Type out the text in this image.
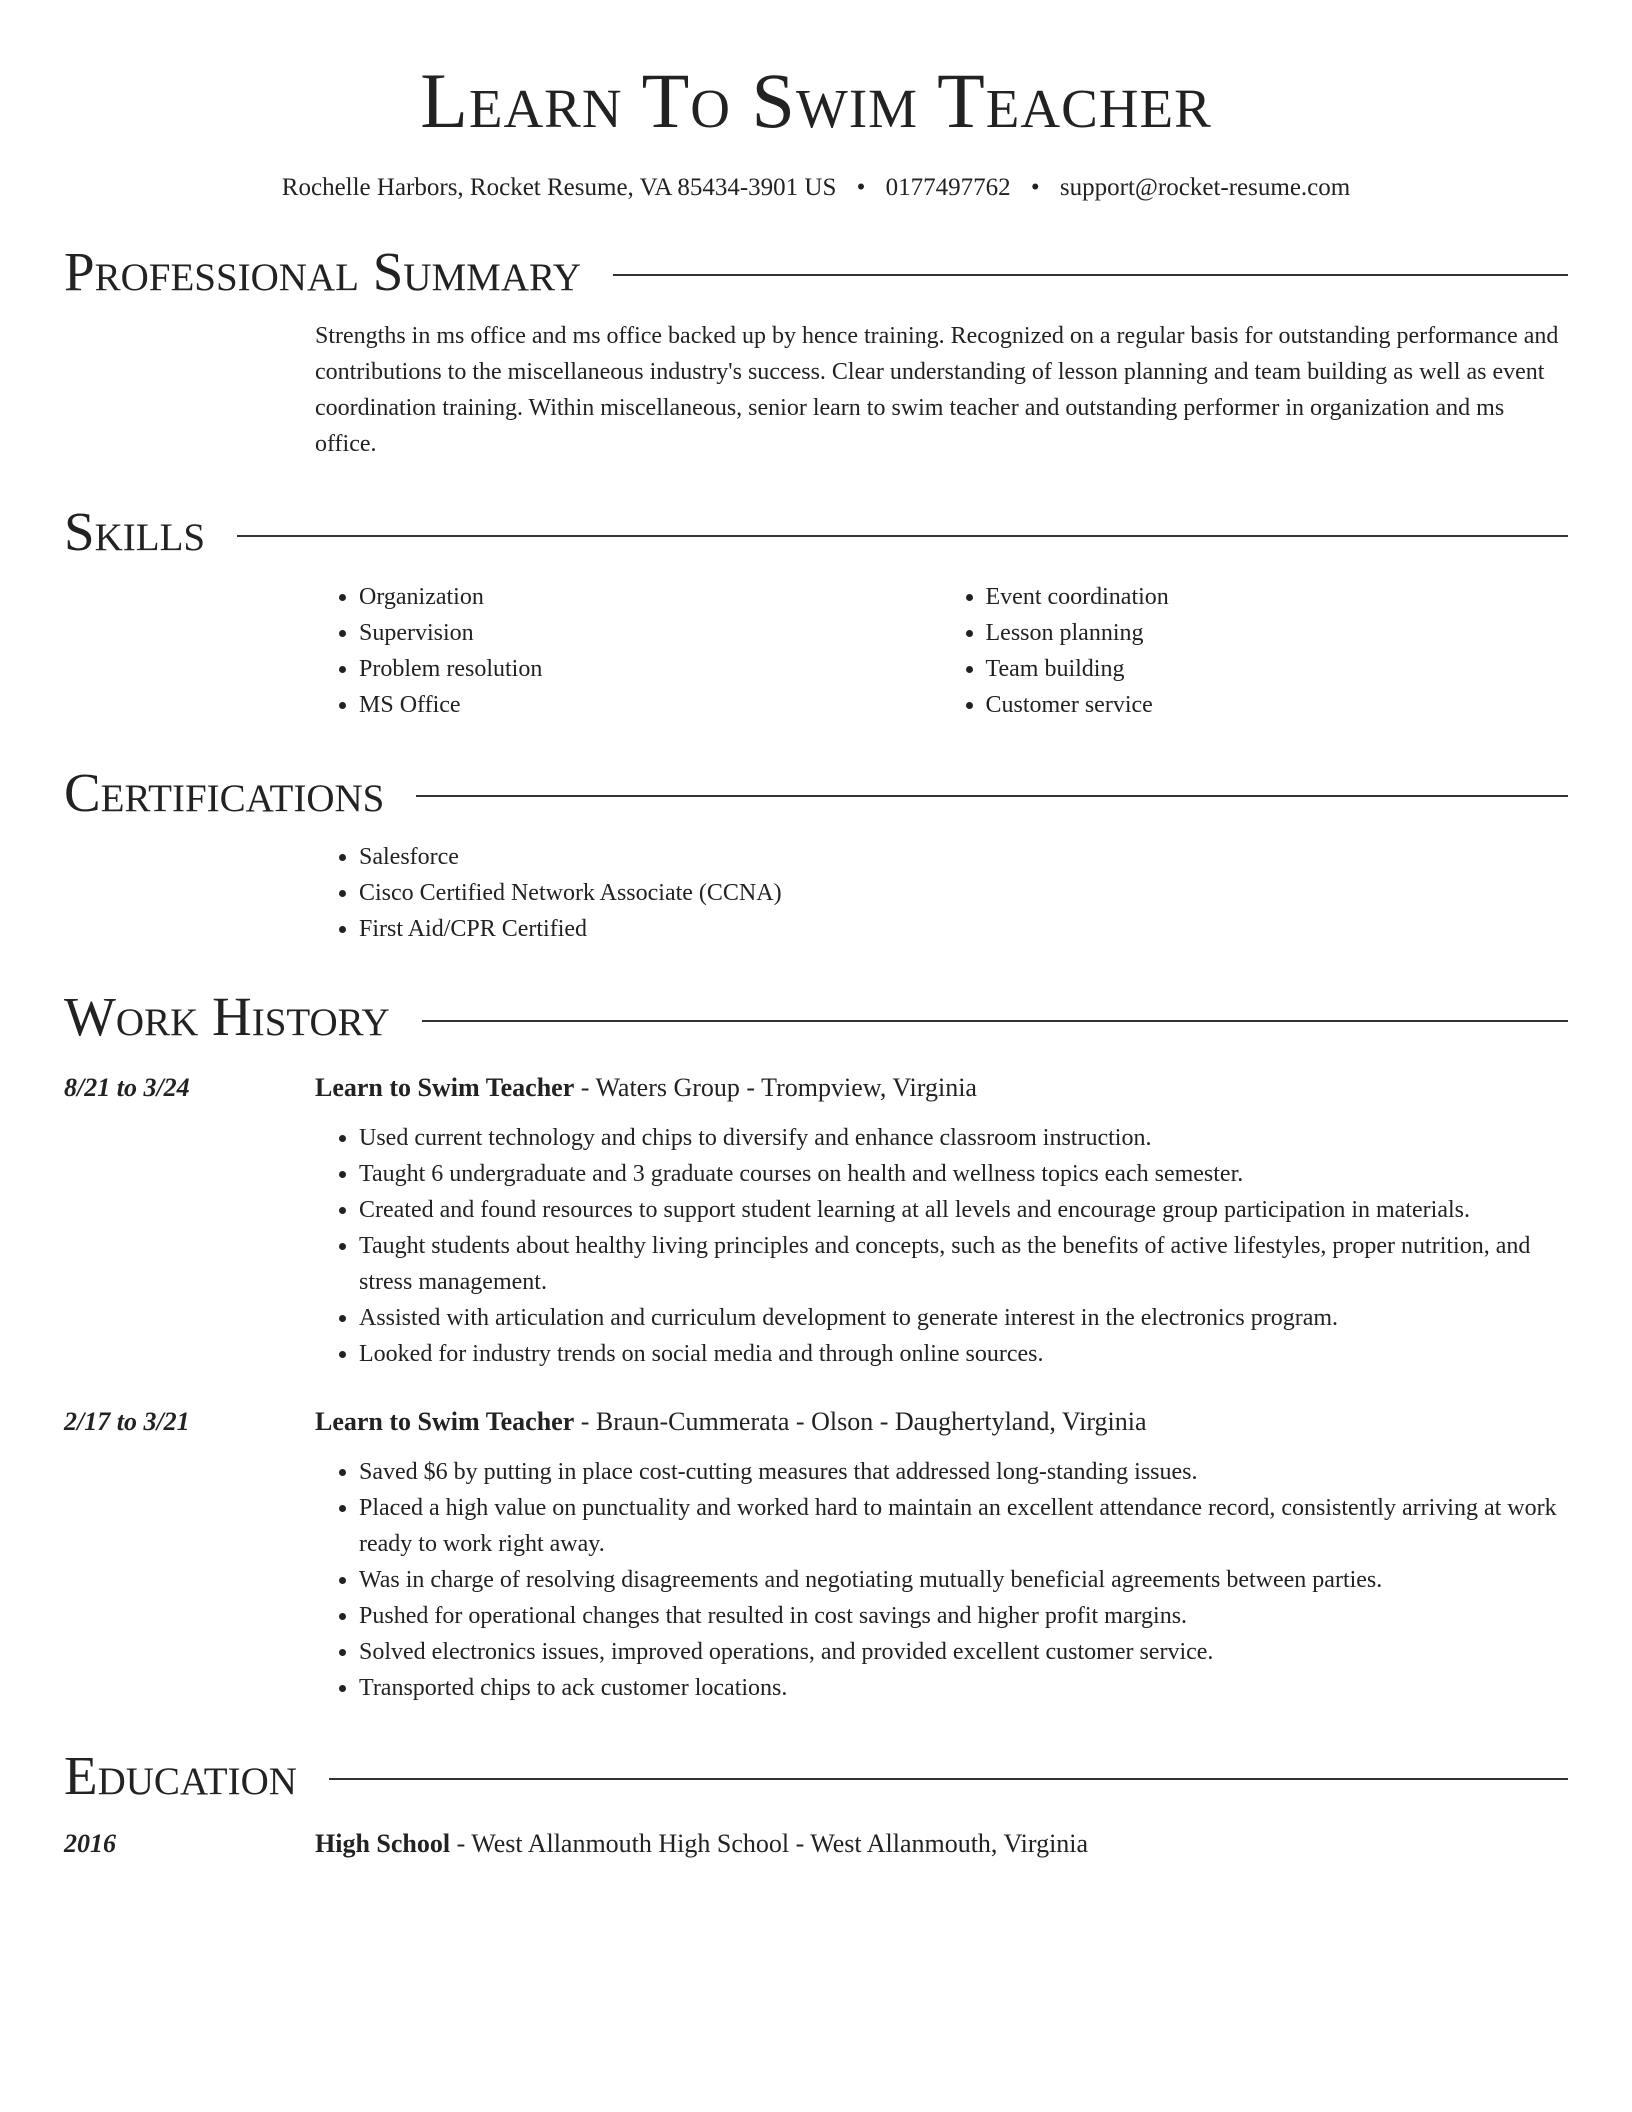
Learn To Swim Teacher
Rochelle Harbors, Rocket Resume, VA 85434-3901 US • 0177497762 • support@rocket-resume.com
Professional Summary
Strengths in ms office and ms office backed up by hence training. Recognized on a regular basis for outstanding performance and contributions to the miscellaneous industry's success. Clear understanding of lesson planning and team building as well as event coordination training. Within miscellaneous, senior learn to swim teacher and outstanding performer in organization and ms office.
Skills
• Organization
• Supervision
• Problem resolution
• MS Office
• Event coordination
• Lesson planning
• Team building
• Customer service
Certifications
• Salesforce
• Cisco Certified Network Associate (CCNA)
• First Aid/CPR Certified
Work History
8/21 to 3/24	Learn to Swim Teacher - Waters Group - Trompview, Virginia
• Used current technology and chips to diversify and enhance classroom instruction.
• Taught 6 undergraduate and 3 graduate courses on health and wellness topics each semester.
• Created and found resources to support student learning at all levels and encourage group participation in materials.
• Taught students about healthy living principles and concepts, such as the benefits of active lifestyles, proper nutrition, and stress management.
• Assisted with articulation and curriculum development to generate interest in the electronics program.
• Looked for industry trends on social media and through online sources.
2/17 to 3/21	Learn to Swim Teacher - Braun-Cummerata - Olson - Daughertyland, Virginia
• Saved $6 by putting in place cost-cutting measures that addressed long-standing issues.
• Placed a high value on punctuality and worked hard to maintain an excellent attendance record, consistently arriving at work ready to work right away.
• Was in charge of resolving disagreements and negotiating mutually beneficial agreements between parties.
• Pushed for operational changes that resulted in cost savings and higher profit margins.
• Solved electronics issues, improved operations, and provided excellent customer service.
• Transported chips to ack customer locations.
Education
2016	High School - West Allanmouth High School - West Allanmouth, Virginia
